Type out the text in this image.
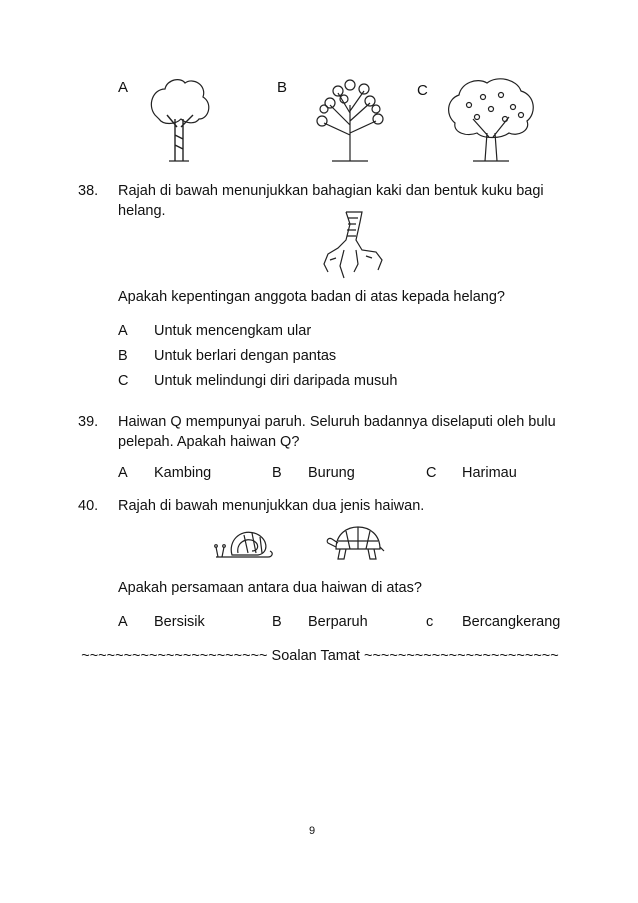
A	B	C
38. Rajah di bawah menunjukkan bahagian kaki dan bentuk kuku bagi
helang.
Apakah kepentingan anggota badan di atas kepada helang?
A Untuk mencengkam ular
B Untuk berlari dengan pantas
C Untuk melindungi diri daripada musuh
39. Haiwan Q mempunyai paruh. Seluruh badannya diselaputi oleh bulu
pelepah. Apakah haiwan Q?
A Kambing	B Burung	C Harimau
40. Rajah di bawah menunjukkan dua jenis haiwan.
Apakah persamaan antara dua haiwan di atas?
A Bersisik	B Berparuh	c Bercangkerang
~~~~~~~~~~~~~~~~~~~~~~ Soalan Tamat ~~~~~~~~~~~~~~~~~~~~~~~
9
